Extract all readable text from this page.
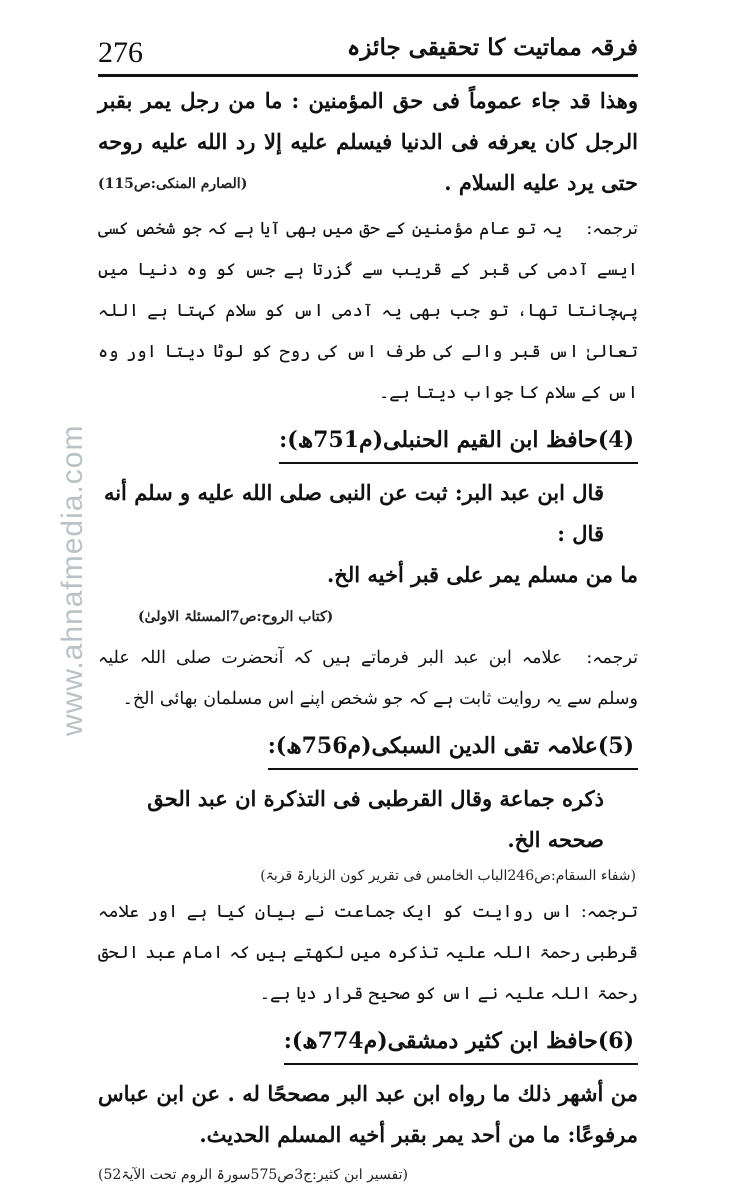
276	فرقہ مماتیت کا تحقیقی جائزہ
www.ahnafmedia.com
وهذا قد جاء عموماً فى حق المؤمنين : ما من رجل يمر بقبر الرجل كان يعرفه فى الدنيا فيسلم عليه إلا رد الله عليه روحه حتى يرد عليه السلام .
(الصارم المنکی:ص115)
ترجمہ:یہ تو عام مؤمنین کے حق میں بھی آیا ہے کہ جو شخص کسی ایسے آدمی کی قبر کے قریب سے گزرتا ہے جس کو وہ دنیا میں پہچانتا تھا، تو جب بھی یہ آدمی اس کو سلام کہتا ہے اللہ تعالیٰ اس قبر والے کی طرف اس کی روح کو لوٹا دیتا اور وہ اس کے سلام کا جواب دیتا ہے۔
(4)حافظ ابن القیم الحنبلی(م751ھ):
قال ابن عبد البر: ثبت عن النبى صلى الله عليه و سلم أنه قال :
ما من مسلم يمر على قبر أخيه الخ.
(کتاب الروح:ص7المسئلۃ الاولیٰ)
ترجمہ:علامہ ابن عبد البر فرماتے ہیں کہ آنحضرت صلی اللہ علیہ وسلم سے یہ روایت ثابت ہے کہ جو شخص اپنے اس مسلمان بھائی الخ۔
(5)علامہ تقی الدین السبکی(م756ھ):
ذكره جماعة وقال القرطبى فى التذكرة ان عبد الحق صححه الخ.
(شفاء السقام:ص246الباب الخامس فی تقریر کون الزیارۃ قربۃ)
ترجمہ: اس روایت کو ایک جماعت نے بیان کیا ہے اور علامہ قرطبی رحمۃ اللہ علیہ تذکرہ میں لکھتے ہیں کہ امام عبد الحق رحمۃ اللہ علیہ نے اس کو صحیح قرار دیا ہے۔
(6)حافظ ابن کثیر دمشقی(م774ھ):
من أشهر ذلك ما رواه ابن عبد البر مصححًا له . عن ابن عباس مرفوعًا: ما من أحد يمر بقبر أخيه المسلم الحديث.
(تفسیر ابن کثیر:ج3ص575سورۃ الروم تحت الآیۃ52)
